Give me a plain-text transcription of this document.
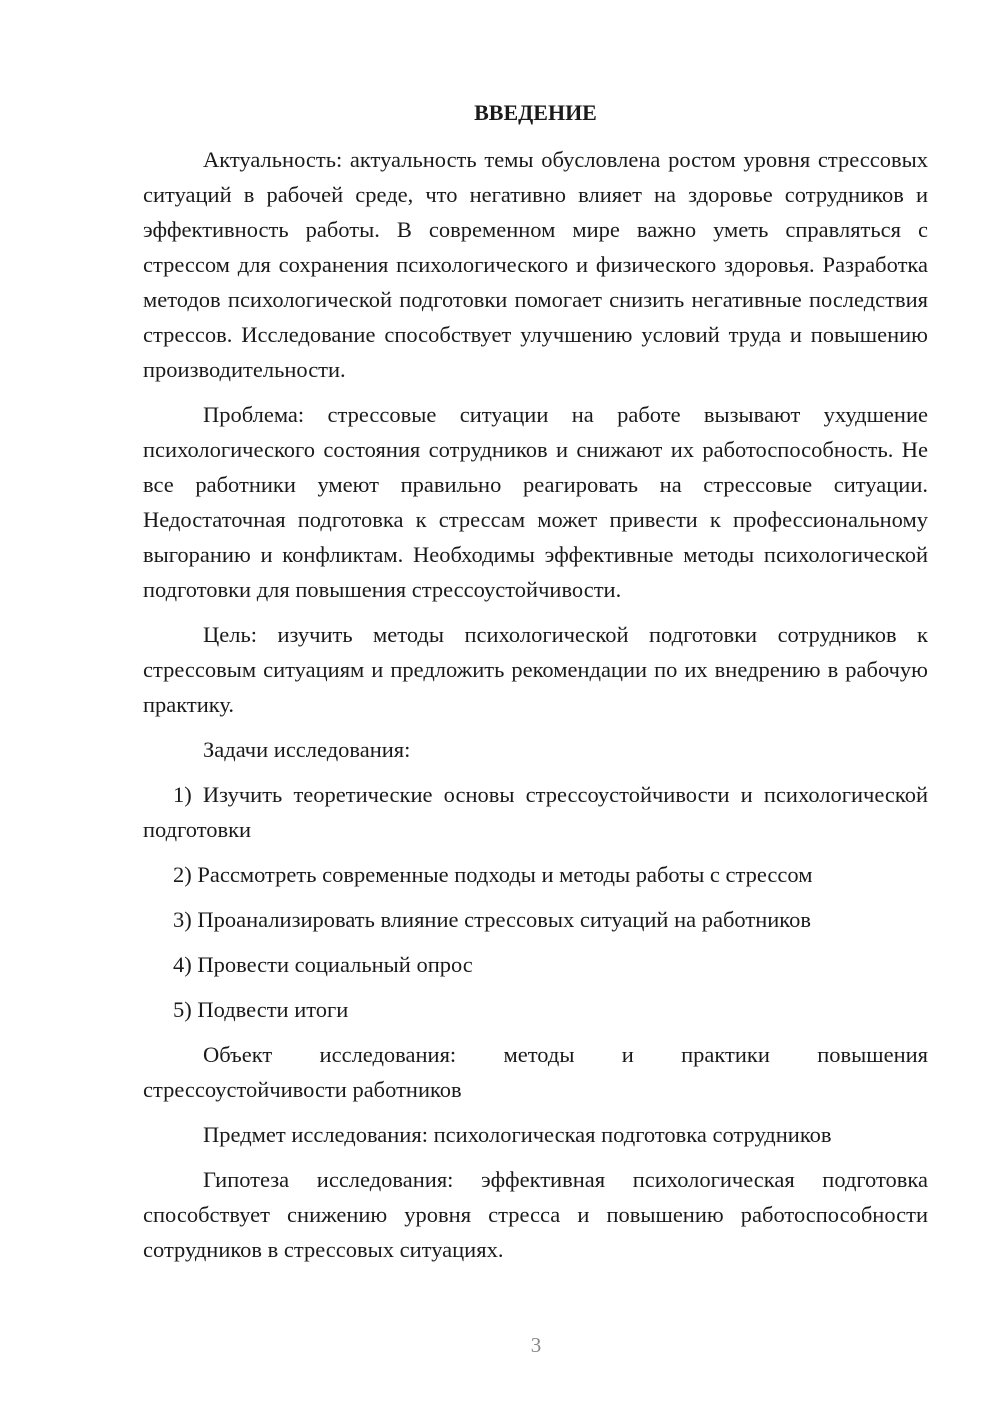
ВВЕДЕНИЕ

Актуальность: актуальность темы обусловлена ростом уровня стрессовых ситуаций в рабочей среде, что негативно влияет на здоровье сотрудников и эффективность работы. В современном мире важно уметь справляться с стрессом для сохранения психологического и физического здоровья. Разработка методов психологической подготовки помогает снизить негативные последствия стрессов. Исследование способствует улучшению условий труда и повышению производительности.

Проблема: стрессовые ситуации на работе вызывают ухудшение психологического состояния сотрудников и снижают их работоспособность. Не все работники умеют правильно реагировать на стрессовые ситуации. Недостаточная подготовка к стрессам может привести к профессиональному выгоранию и конфликтам. Необходимы эффективные методы психологической подготовки для повышения стрессоустойчивости.

Цель: изучить методы психологической подготовки сотрудников к стрессовым ситуациям и предложить рекомендации по их внедрению в рабочую практику.

Задачи исследования:

1) Изучить теоретические основы стрессоустойчивости и психологической подготовки

2) Рассмотреть современные подходы и методы работы с стрессом

3) Проанализировать влияние стрессовых ситуаций на работников

4) Провести социальный опрос

5) Подвести итоги

Объект исследования: методы и практики повышения стрессоустойчивости работников

Предмет исследования: психологическая подготовка сотрудников

Гипотеза исследования: эффективная психологическая подготовка способствует снижению уровня стресса и повышению работоспособности сотрудников в стрессовых ситуациях.

3
